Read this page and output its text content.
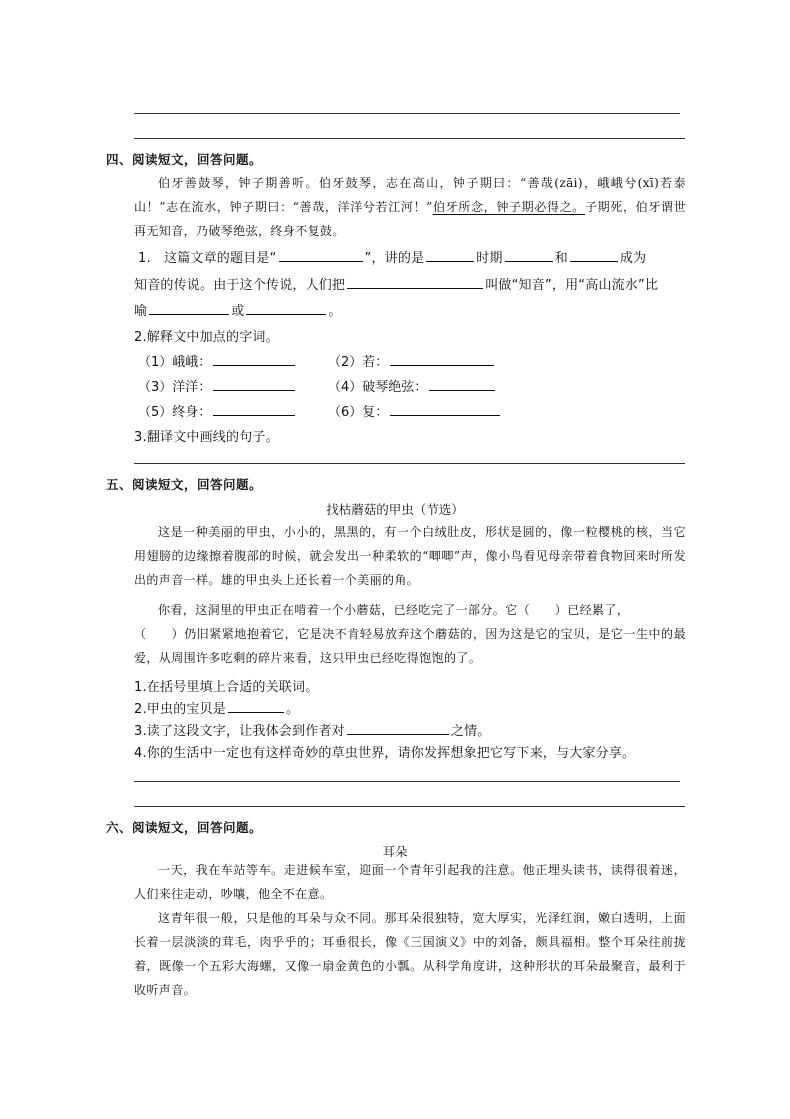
四、阅读短文，回答问题。

伯牙善鼓琴，钟子期善听。伯牙鼓琴，志在高山，钟子期曰：“善哉(zāi)，峨峨兮(xī)若泰山！”志在流水，钟子期曰：“善哉，洋洋兮若江河！”伯牙所念，钟子期必得之。子期死，伯牙谓世再无知音，乃破琴绝弦，终身不复鼓。

1.　这篇文章的题目是“	”，讲的是	时期	和	成为
知音的传说。由于这个传说，人们把	叫做“知音”，用“高山流水”比
喻	或	。
2.解释文中加点的字词。
（1）峨峨：	（2）若：
（3）洋洋：	（4）破琴绝弦：
（5）终身：	（6）复：
3.翻译文中画线的句子。
五、阅读短文，回答问题。
找枯蘑菇的甲虫（节选）

这是一种美丽的甲虫，小小的，黑黑的，有一个白绒肚皮，形状是圆的，像一粒樱桃的核，当它用翅膀的边缘擦着腹部的时候，就会发出一种柔软的“唧唧”声，像小鸟看见母亲带着食物回来时所发出的声音一样。雄的甲虫头上还长着一个美丽的角。

你看，这洞里的甲虫正在啃着一个小蘑菇，已经吃完了一部分。它（　　）已经累了，

（　　）仍旧紧紧地抱着它，它是决不肯轻易放弃这个蘑菇的，因为这是它的宝贝，是它一生中的最爱，从周围许多吃剩的碎片来看，这只甲虫已经吃得饱饱的了。

1.在括号里填上合适的关联词。
2.甲虫的宝贝是	。
3.读了这段文字，让我体会到作者对	之情。
4.你的生活中一定也有这样奇妙的草虫世界，请你发挥想象把它写下来，与大家分享。
六、阅读短文，回答问题。
耳朵

一天，我在车站等车。走进候车室，迎面一个青年引起我的注意。他正埋头读书，读得很着迷，人们来往走动，吵嚷，他全不在意。

这青年很一般，只是他的耳朵与众不同。那耳朵很独特，宽大厚实，光泽红润，嫩白透明，上面长着一层淡淡的茸毛，肉乎乎的；耳垂很长，像《三国演义》中的刘备，颇具福相。整个耳朵往前拢着，既像一个五彩大海螺，又像一扇金黄色的小瓢。从科学角度讲，这种形状的耳朵最聚音，最利于收听声音。
